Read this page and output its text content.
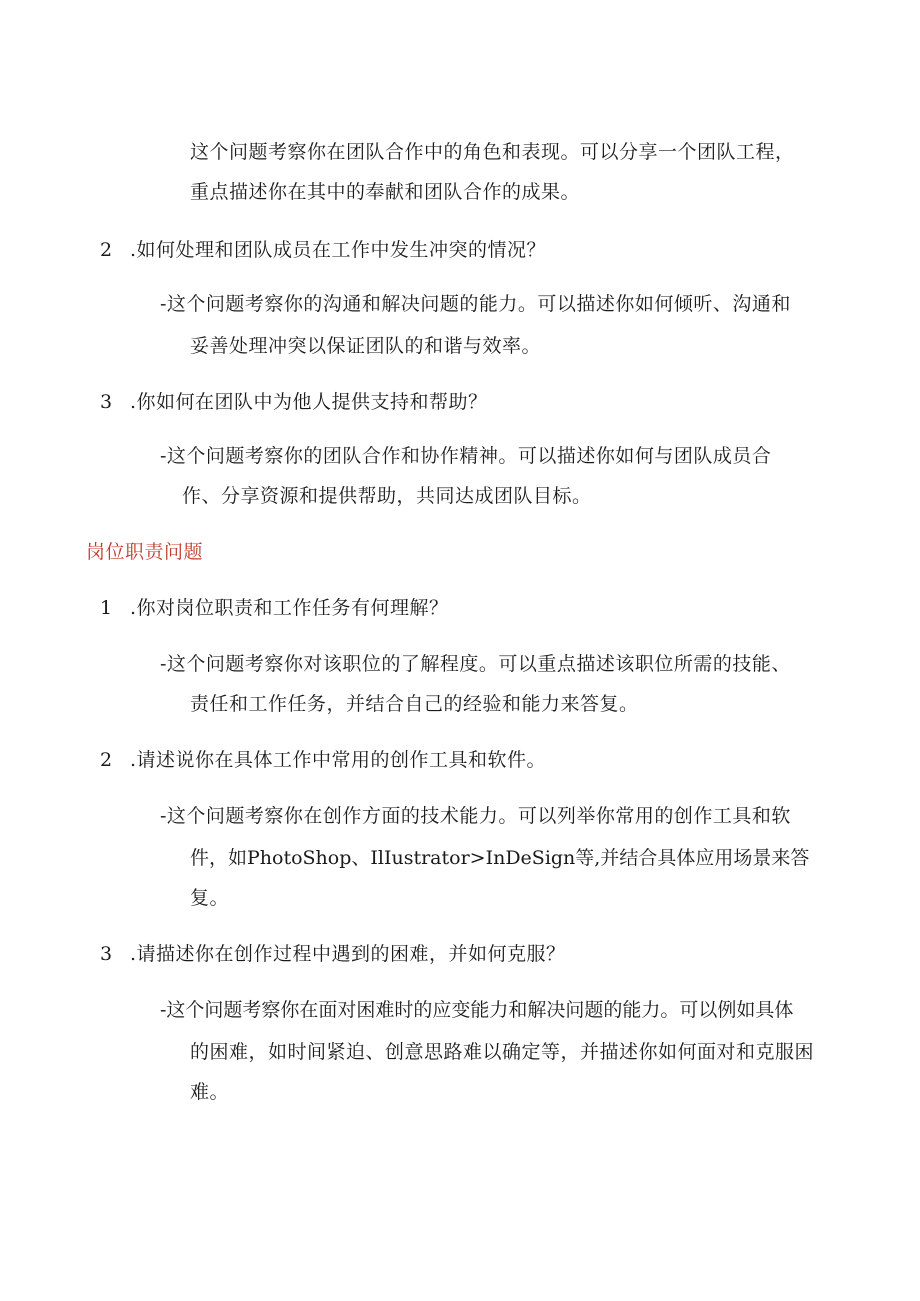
这个问题考察你在团队合作中的角色和表现。可以分享一个团队工程，
重点描述你在其中的奉献和团队合作的成果。
2 .如何处理和团队成员在工作中发生冲突的情况？
-这个问题考察你的沟通和解决问题的能力。可以描述你如何倾听、沟通和
妥善处理冲突以保证团队的和谐与效率。
3 .你如何在团队中为他人提供支持和帮助？
-这个问题考察你的团队合作和协作精神。可以描述你如何与团队成员合
作、分享资源和提供帮助，共同达成团队目标。
岗位职责问题
1 .你对岗位职责和工作任务有何理解？
-这个问题考察你对该职位的了解程度。可以重点描述该职位所需的技能、
责任和工作任务，并结合自己的经验和能力来答复。
2 .请述说你在具体工作中常用的创作工具和软件。
-这个问题考察你在创作方面的技术能力。可以列举你常用的创作工具和软
件，如PhotoShop、IlIustrator>InDeSign等,并结合具体应用场景来答
复。
3 .请描述你在创作过程中遇到的困难，并如何克服？
-这个问题考察你在面对困难时的应变能力和解决问题的能力。可以例如具体
的困难，如时间紧迫、创意思路难以确定等，并描述你如何面对和克服困
难。
